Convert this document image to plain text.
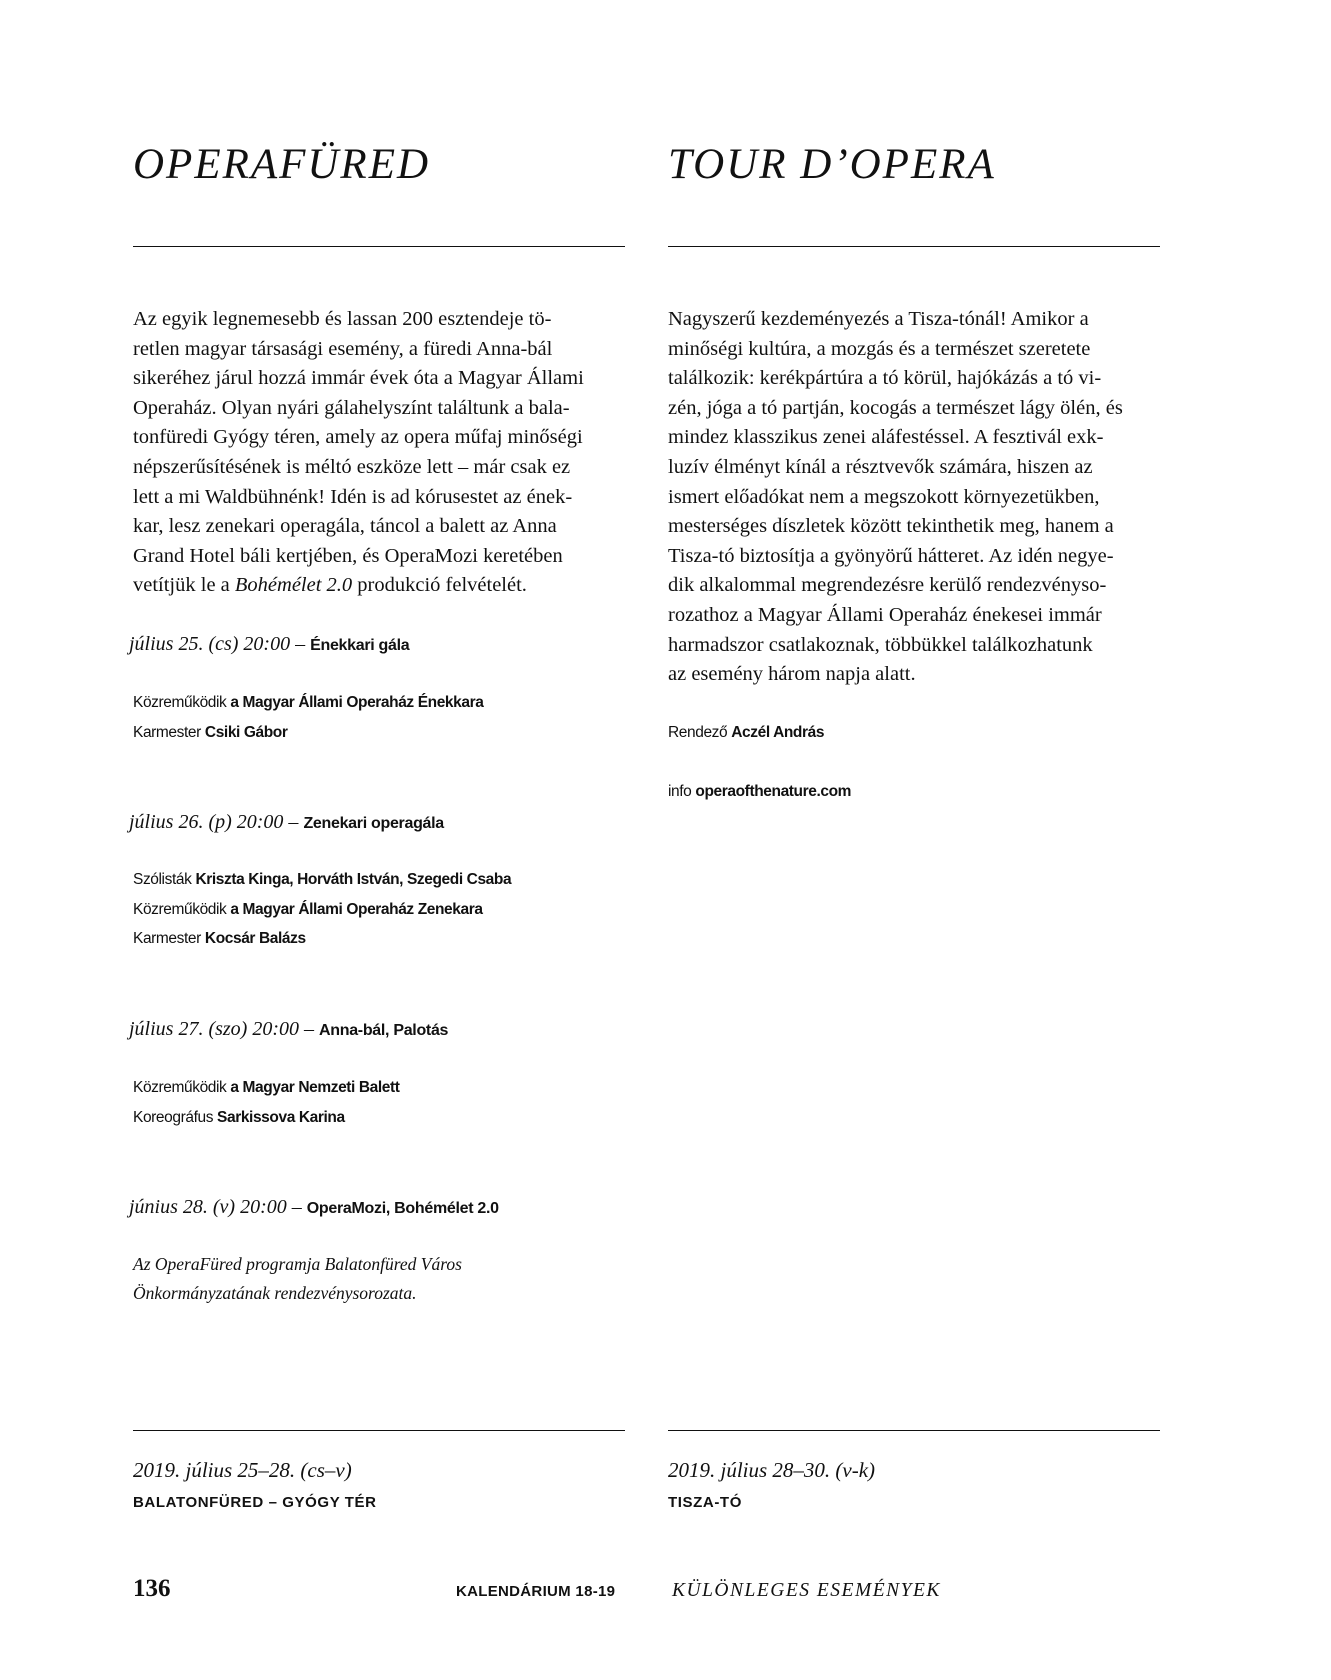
OPERAFÜRED

Az egyik legnemesebb és lassan 200 esztendeje tö-
retlen magyar társasági esemény, a füredi Anna-bál
sikeréhez járul hozzá immár évek óta a Magyar Állami
Operaház. Olyan nyári gálahelyszínt találtunk a bala-
tonfüredi Gyógy téren, amely az opera műfaj minőségi
népszerűsítésének is méltó eszköze lett – már csak ez
lett a mi Waldbühnénk! Idén is ad kórusestet az ének-
kar, lesz zenekari operagála, táncol a balett az Anna
Grand Hotel báli kertjében, és OperaMozi keretében
vetítjük le a Bohémélet 2.0 produkció felvételét.

július 25. (cs) 20:00 – Énekkari gála

Közreműködik a Magyar Állami Operaház Énekkara
Karmester Csiki Gábor

július 26. (p) 20:00 – Zenekari operagála

Szólisták Kriszta Kinga, Horváth István, Szegedi Csaba
Közreműködik a Magyar Állami Operaház Zenekara
Karmester Kocsár Balázs

július 27. (szo) 20:00 – Anna-bál, Palotás

Közreműködik a Magyar Nemzeti Balett
Koreográfus Sarkissova Karina

június 28. (v) 20:00 – OperaMozi, Bohémélet 2.0

Az OperaFüred programja Balatonfüred Város
Önkormányzatának rendezvénysorozata.

2019. július 25–28. (cs–v)

BALATONFÜRED – GYÓGY TÉR

TOUR D’OPERA

Nagyszerű kezdeményezés a Tisza-tónál! Amikor a
minőségi kultúra, a mozgás és a természet szeretete
találkozik: kerékpártúra a tó körül, hajókázás a tó vi-
zén, jóga a tó partján, kocogás a természet lágy ölén, és
mindez klasszikus zenei aláfestéssel. A fesztivál exk-
luzív élményt kínál a résztvevők számára, hiszen az
ismert előadókat nem a megszokott környezetükben,
mesterséges díszletek között tekinthetik meg, hanem a
Tisza-tó biztosítja a gyönyörű hátteret. Az idén negye-
dik alkalommal megrendezésre kerülő rendezvényso-
rozathoz a Magyar Állami Operaház énekesei immár
harmadszor csatlakoznak, többükkel találkozhatunk
az esemény három napja alatt.

Rendező Aczél András
info operaofthenature.com

2019. július 28–30. (v-k)

TISZA-TÓ

136	KALENDÁRIUM 18-19	KÜLÖNLEGES ESEMÉNYEK
